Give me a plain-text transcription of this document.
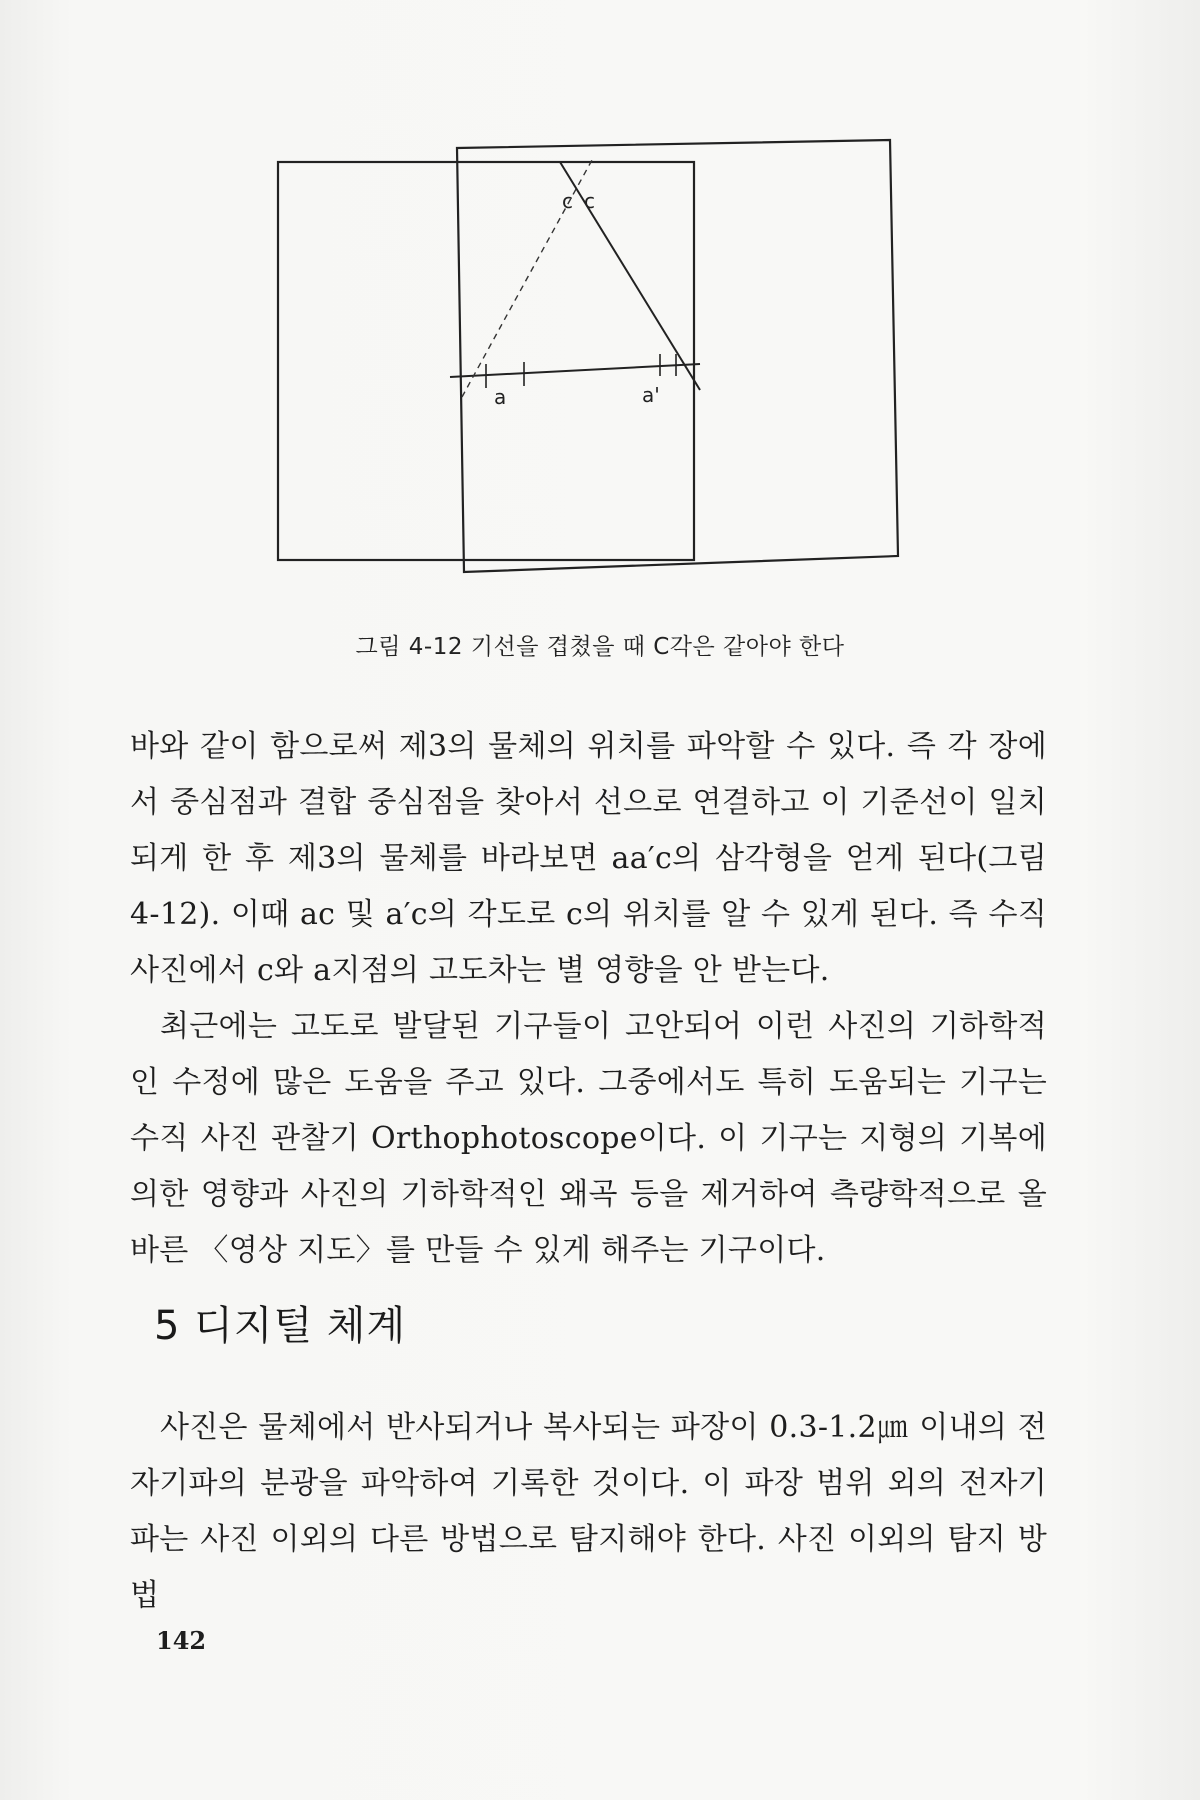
c c
a	a'
그림 4-12 기선을 겹쳤을 때 C각은 같아야 한다

바와 같이 함으로써 제3의 물체의 위치를 파악할 수 있다. 즉 각 장에서 중심점과 결합 중심점을 찾아서 선으로 연결하고 이 기준선이 일치되게 한 후 제3의 물체를 바라보면 aa′c의 삼각형을 얻게 된다(그림 4-12). 이때 ac 및 a′c의 각도로 c의 위치를 알 수 있게 된다. 즉 수직사진에서 c와 a지점의 고도차는 별 영향을 안 받는다.

최근에는 고도로 발달된 기구들이 고안되어 이런 사진의 기하학적인 수정에 많은 도움을 주고 있다. 그중에서도 특히 도움되는 기구는 수직 사진 관찰기 Orthophotoscope이다. 이 기구는 지형의 기복에 의한 영향과 사진의 기하학적인 왜곡 등을 제거하여 측량학적으로 올바른 〈영상 지도〉를 만들 수 있게 해주는 기구이다.

5 디지털 체계

사진은 물체에서 반사되거나 복사되는 파장이 0.3-1.2㎛ 이내의 전자기파의 분광을 파악하여 기록한 것이다. 이 파장 범위 외의 전자기파는 사진 이외의 다른 방법으로 탐지해야 한다. 사진 이외의 탐지 방법

142
